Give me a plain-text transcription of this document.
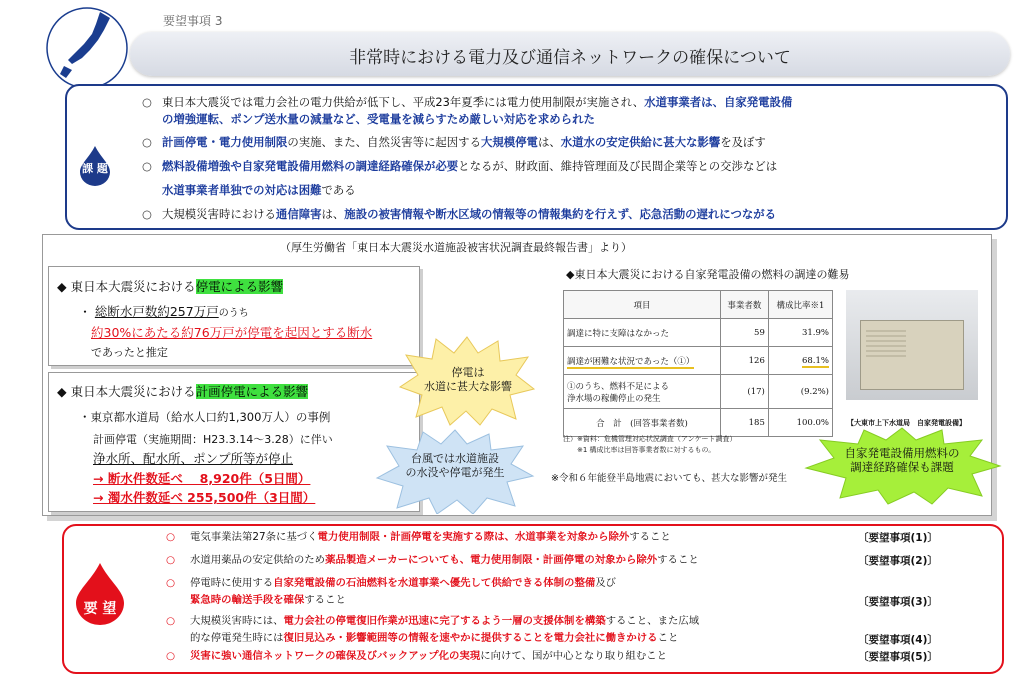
要望事項 3
非常時における電力及び通信ネットワークの確保について
課 題
○ 東日本大震災では電力会社の電力供給が低下し、平成23年夏季には電力使用制限が実施され、水道事業者は、自家発電設備
の増強運転、ポンプ送水量の減量など、受電量を減らすため厳しい対応を求められた
○ 計画停電・電力使用制限の実施、また、自然災害等に起因する大規模停電は、水道水の安定供給に甚大な影響を及ぼす
○ 燃料設備増強や自家発電設備用燃料の調達経路確保が必要となるが、財政面、維持管理面及び民間企業等との交渉などは
水道事業者単独での対応は困難である
○ 大規模災害時における通信障害は、施設の被害情報や断水区域の情報等の情報集約を行えず、応急活動の遅れにつながる
（厚生労働省「東日本大震災水道施設被害状況調査最終報告書」より）
◆ 東日本大震災における停電による影響
・ 総断水戸数約257万戸のうち
約30%にあたる約76万戸が停電を起因とする断水
であったと推定
◆ 東日本大震災における計画停電による影響
・東京都水道局（給水人口約1,300万人）の事例
計画停電（実施期間：H23.3.14～3.28）に伴い
浄水所、配水所、ポンプ所等が停止
→ 断水件数延べ　 8,920件（5日間）
→ 濁水件数延べ 255,500件（3日間）
停電は
水道に甚大な影響
台風では水道施設
の水没や停電が発生
自家発電設備用燃料の
調達経路確保も課題
◆東日本大震災における自家発電設備の燃料の調達の難易
項目	事業者数	構成比率※1
調達に特に支障はなかった	59	31.9%
調達が困難な状況であった（①）	126	68.1%
①のうち、燃料不足による
浄水場の稼働停止の発生	(17)	(9.2%)
合　計　(回答事業者数)	185	100.0%
注）※資料：危機管理対応状況調査（アンケート調査）
　　※1 構成比率は回答事業者数に対するもの。
※令和６年能登半島地震においても、甚大な影響が発生
【大東市上下水道局　自家発電設備】
要 望
○ 電気事業法第27条に基づく電力使用制限・計画停電を実施する際は、水道事業を対象から除外すること	〔要望事項(1)〕
○ 水道用薬品の安定供給のため薬品製造メーカーについても、電力使用制限・計画停電の対象から除外すること	〔要望事項(2)〕
○ 停電時に使用する自家発電設備の石油燃料を水道事業へ優先して供給できる体制の整備及び
緊急時の輸送手段を確保すること	〔要望事項(3)〕
○ 大規模災害時には、電力会社の停電復旧作業が迅速に完了するよう一層の支援体制を構築すること、また広域
的な停電発生時には復旧見込み・影響範囲等の情報を速やかに提供することを電力会社に働きかけること	〔要望事項(4)〕
○ 災害に強い通信ネットワークの確保及びバックアップ化の実現に向けて、国が中心となり取り組むこと	〔要望事項(5)〕
